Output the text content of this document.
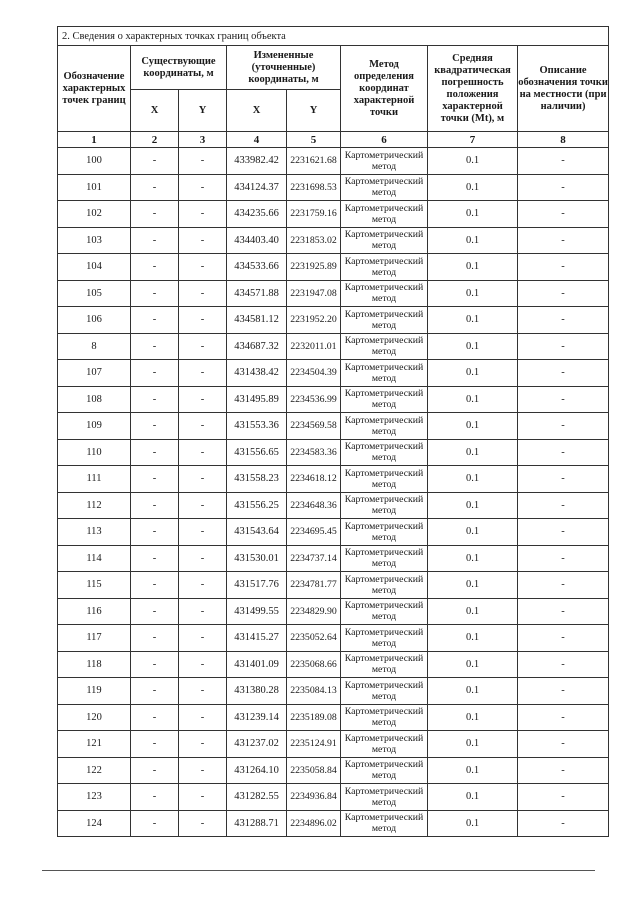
2. Сведения о характерных точках границ объекта							
Обозначение характерных точек границ	Существующие координаты, м		Измененные (уточненные) координаты, м		Метод определения координат характерной точки	Средняя квадратическая погрешность положения характерной точки (Mt), м	Описание обозначения точки на местности (при наличии)
	X	Y	X	Y			
1	2	3	4	5	6	7	8
100	-	-	433982.42	2231621.68	Картометрический метод	0.1	-
101	-	-	434124.37	2231698.53	Картометрический метод	0.1	-
102	-	-	434235.66	2231759.16	Картометрический метод	0.1	-
103	-	-	434403.40	2231853.02	Картометрический метод	0.1	-
104	-	-	434533.66	2231925.89	Картометрический метод	0.1	-
105	-	-	434571.88	2231947.08	Картометрический метод	0.1	-
106	-	-	434581.12	2231952.20	Картометрический метод	0.1	-
8	-	-	434687.32	2232011.01	Картометрический метод	0.1	-
107	-	-	431438.42	2234504.39	Картометрический метод	0.1	-
108	-	-	431495.89	2234536.99	Картометрический метод	0.1	-
109	-	-	431553.36	2234569.58	Картометрический метод	0.1	-
110	-	-	431556.65	2234583.36	Картометрический метод	0.1	-
111	-	-	431558.23	2234618.12	Картометрический метод	0.1	-
112	-	-	431556.25	2234648.36	Картометрический метод	0.1	-
113	-	-	431543.64	2234695.45	Картометрический метод	0.1	-
114	-	-	431530.01	2234737.14	Картометрический метод	0.1	-
115	-	-	431517.76	2234781.77	Картометрический метод	0.1	-
116	-	-	431499.55	2234829.90	Картометрический метод	0.1	-
117	-	-	431415.27	2235052.64	Картометрический метод	0.1	-
118	-	-	431401.09	2235068.66	Картометрический метод	0.1	-
119	-	-	431380.28	2235084.13	Картометрический метод	0.1	-
120	-	-	431239.14	2235189.08	Картометрический метод	0.1	-
121	-	-	431237.02	2235124.91	Картометрический метод	0.1	-
122	-	-	431264.10	2235058.84	Картометрический метод	0.1	-
123	-	-	431282.55	2234936.84	Картометрический метод	0.1	-
124	-	-	431288.71	2234896.02	Картометрический метод	0.1	-
